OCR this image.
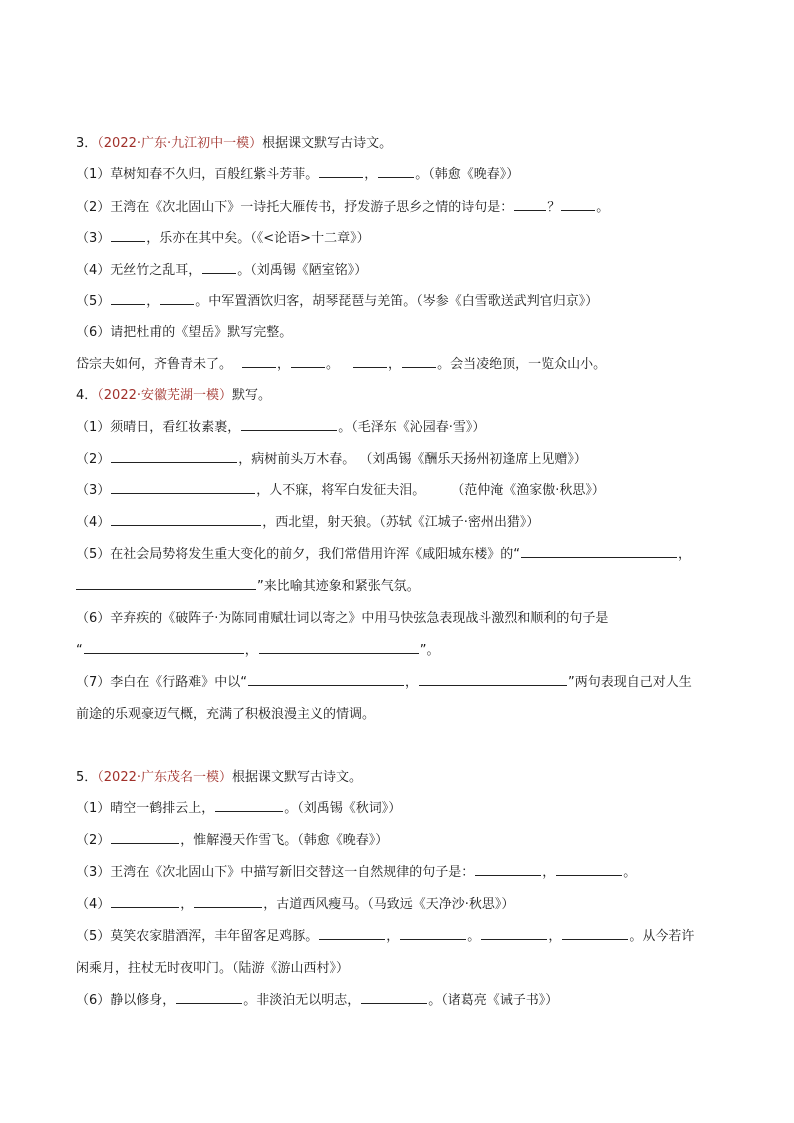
3．（2022·广东·九江初中一模）根据课文默写古诗文。
（1）草树知春不久归，百般红紫斗芳菲。	，	。（韩愈《晚春》）
（2）王湾在《次北固山下》一诗托大雁传书，抒发游子思乡之情的诗句是：	？	。
（3）	，乐亦在其中矣。（《<论语>十二章》）
（4）无丝竹之乱耳，	。（刘禹锡《陋室铭》）
（5）	，	。中军置酒饮归客，胡琴琵琶与羌笛。（岑参《白雪歌送武判官归京》）
（6）请把杜甫的《望岳》默写完整。
岱宗夫如何，齐鲁青未了。	，	。	，	。会当凌绝顶，一览众山小。
4．（2022·安徽芜湖一模）默写。
（1）须晴日，看红妆素裹，	。（毛泽东《沁园春·雪》）
（2）	，病树前头万木春。 （刘禹锡《酬乐天扬州初逢席上见赠》）
（3）	，人不寐，将军白发征夫泪。 （范仲淹《渔家傲·秋思》）
（4）	，西北望，射天狼。（苏轼《江城子·密州出猎》）
（5）在社会局势将发生重大变化的前夕，我们常借用许浑《咸阳城东楼》的“	，
”来比喻其迹象和紧张气氛。
（6）辛弃疾的《破阵子·为陈同甫赋壮词以寄之》中用马快弦急表现战斗激烈和顺利的句子是
“	，	”。
（7）李白在《行路难》中以“	，	”两句表现自己对人生
前途的乐观豪迈气概，充满了积极浪漫主义的情调。
5．（2022·广东茂名一模）根据课文默写古诗文。
（1）晴空一鹤排云上，	。（刘禹锡《秋词》）
（2）	，惟解漫天作雪飞。（韩愈《晚春》）
（3）王湾在《次北固山下》中描写新旧交替这一自然规律的句子是：	，	。
（4）	，	，古道西风瘦马。（马致远《天净沙·秋思》）
（5）莫笑农家腊酒浑，丰年留客足鸡豚。	，	。	，	。从今若许
闲乘月，拄杖无时夜叩门。（陆游《游山西村》）
（6）静以修身，	。非淡泊无以明志，	。（诸葛亮《诫子书》）
